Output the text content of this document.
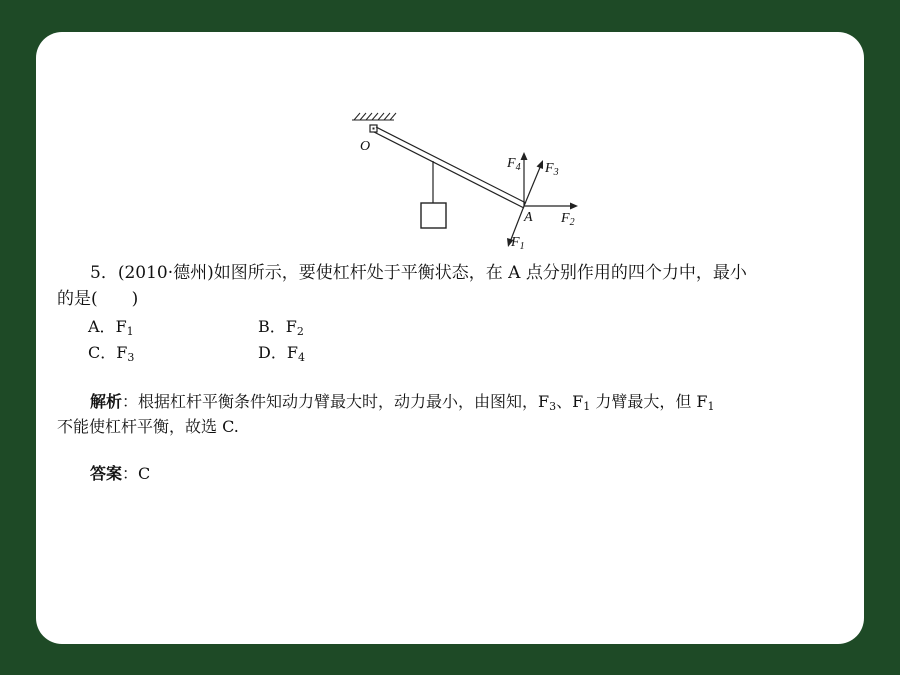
O
A F2
F4 F3
F1
5．(2010·德州)如图所示，要使杠杆处于平衡状态，在 A 点分别作用的四个力中，最小
的是(　　)
A．$F_1$	B．$F_2$
C．$F_3$	D．$F_4$
解析：根据杠杆平衡条件知动力臂最大时，动力最小，由图知，$F_3$、$F_1$ 力臂最大，但 $F_1$
不能使杠杆平衡，故选 C.
答案：C
